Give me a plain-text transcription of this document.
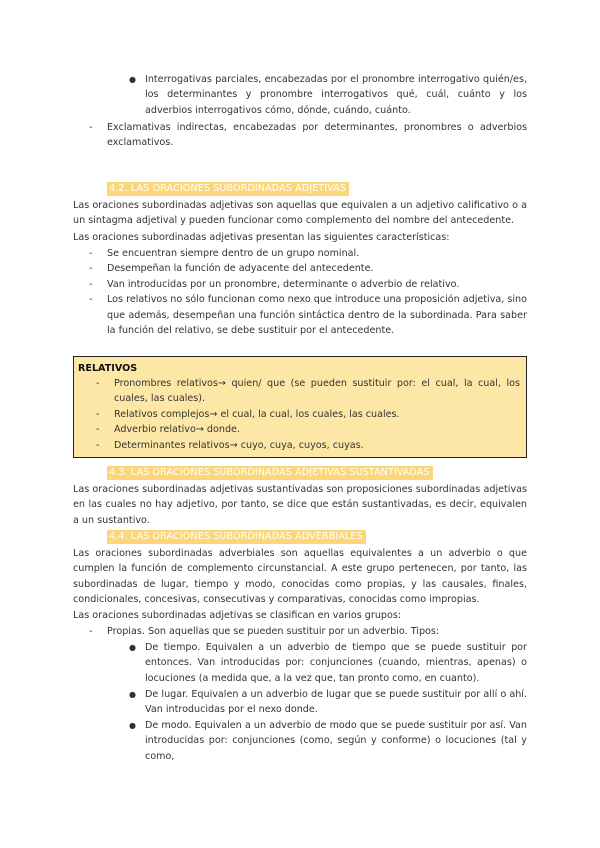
● Interrogativas parciales, encabezadas por el pronombre interrogativo quién/es, los determinantes y pronombre interrogativos qué, cuál, cuánto y los adverbios interrogativos cómo, dónde, cuándo, cuánto.
-	Exclamativas indirectas, encabezadas por determinantes, pronombres o adverbios exclamativos.
4.2. LAS ORACIONES SUBORDINADAS ADJETIVAS
Las oraciones subordinadas adjetivas son aquellas que equivalen a un adjetivo calificativo o a un sintagma adjetival y pueden funcionar como complemento del nombre del antecedente.
Las oraciones subordinadas adjetivas presentan las siguientes características:
-	Se encuentran siempre dentro de un grupo nominal.
-	Desempeñan la función de adyacente del antecedente.
-	Van introducidas por un pronombre, determinante o adverbio de relativo.
-	Los relativos no sólo funcionan como nexo que introduce una proposición adjetiva, sino que además, desempeñan una función sintáctica dentro de la subordinada. Para saber la función del relativo, se debe sustituir por el antecedente.
RELATIVOS
-	Pronombres relativos→ quien/ que (se pueden sustituir por: el cual, la cual, los cuales, las cuales).
-	Relativos complejos→ el cual, la cual, los cuales, las cuales.
-	Adverbio relativo→ donde.
-	Determinantes relativos→ cuyo, cuya, cuyos, cuyas.
4.3. LAS ORACIONES SUBORDINADAS ADJETIVAS SUSTANTIVADAS
Las oraciones subordinadas adjetivas sustantivadas son proposiciones subordinadas adjetivas en las cuales no hay adjetivo, por tanto, se dice que están sustantivadas, es decir, equivalen a un sustantivo.
4.4. LAS ORACIONES SUBORDINADAS ADVERBIALES
Las oraciones subordinadas adverbiales son aquellas equivalentes a un adverbio o que cumplen la función de complemento circunstancial. A este grupo pertenecen, por tanto, las subordinadas de lugar, tiempo y modo, conocidas como propias, y las causales, finales, condicionales, concesivas, consecutivas y comparativas, conocidas como impropias.
Las oraciones subordinadas adjetivas se clasifican en varios grupos:
-	Propias. Son aquellas que se pueden sustituir por un adverbio. Tipos:
● De tiempo. Equivalen a un adverbio de tiempo que se puede sustituir por entonces. Van introducidas por: conjunciones (cuando, mientras, apenas) o locuciones (a medida que, a la vez que, tan pronto como, en cuanto).
● De lugar. Equivalen a un adverbio de lugar que se puede sustituir por allí o ahí. Van introducidas por el nexo donde.
● De modo. Equivalen a un adverbio de modo que se puede sustituir por así. Van introducidas por: conjunciones (como, según y conforme) o locuciones (tal y como,
